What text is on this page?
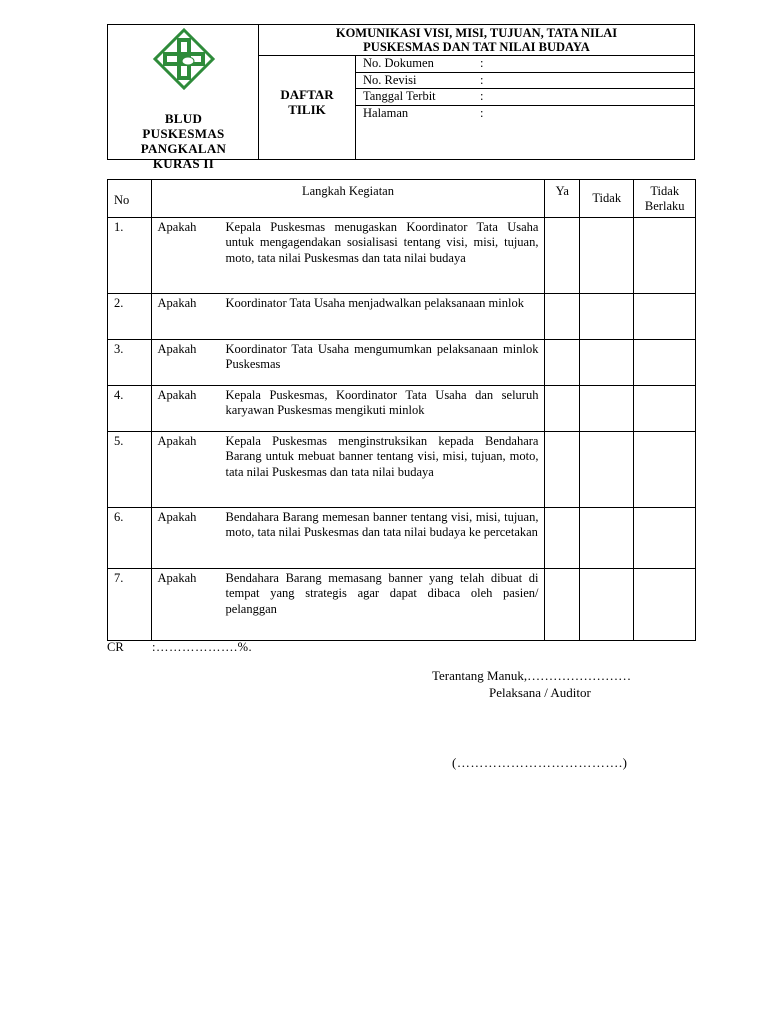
BLUD
PUSKESMAS
PANGKALAN
KURAS II
KOMUNIKASI VISI, MISI, TUJUAN, TATA NILAI
PUSKESMAS DAN TAT NILAI BUDAYA
DAFTAR
TILIK
No. Dokumen	:
No. Revisi	:
Tanggal Terbit	:
Halaman	:
No	Langkah Kegiatan	Ya	Tidak	Tidak
Berlaku

1.	Apakah Kepala Puskesmas menugaskan Koordinator Tata Usaha untuk mengagendakan sosialisasi tentang visi, misi, tujuan, moto, tata nilai Puskesmas dan tata nilai budaya			

2.	Apakah Koordinator Tata Usaha menjadwalkan pelaksanaan minlok			

3.	Apakah Koordinator Tata Usaha mengumumkan pelaksanaan minlok Puskesmas			

4.	Apakah Kepala Puskesmas, Koordinator Tata Usaha dan seluruh karyawan Puskesmas mengikuti minlok			

5.	Apakah Kepala Puskesmas menginstruksikan kepada Bendahara Barang untuk mebuat banner tentang visi, misi, tujuan, moto, tata nilai Puskesmas dan tata nilai budaya			

6.	Apakah Bendahara Barang memesan banner tentang visi, misi, tujuan, moto, tata nilai Puskesmas dan tata nilai budaya ke percetakan			

7.	Apakah Bendahara Barang memasang banner yang telah dibuat di tempat yang strategis agar dapat dibaca oleh pasien/ pelanggan			

CR :……………….%.
Terantang Manuk,……………………
Pelaksana / Auditor
(……………………………….)
